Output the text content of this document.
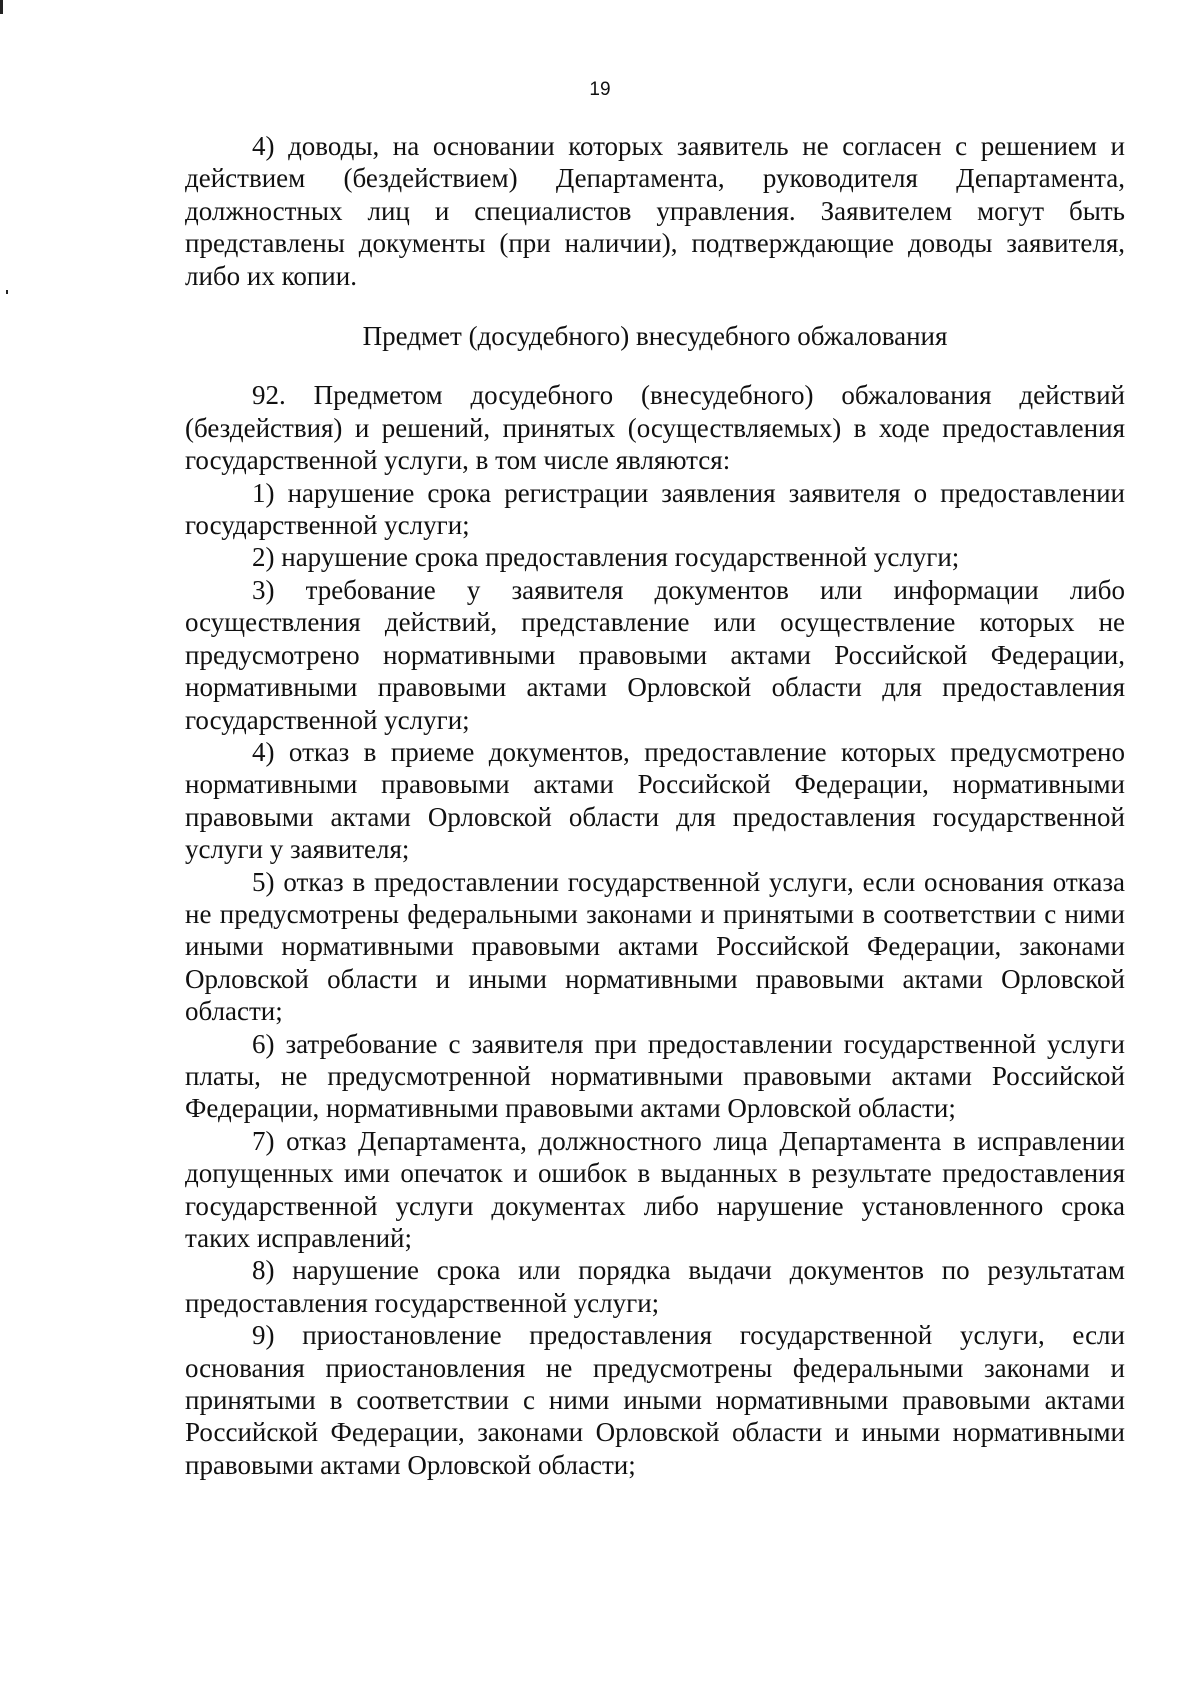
19

4) доводы, на основании которых заявитель не согласен с решением и действием (бездействием) Департамента, руководителя Департамента, должностных лиц и специалистов управления. Заявителем могут быть представлены документы (при наличии), подтверждающие доводы заявителя, либо их копии.

Предмет (досудебного) внесудебного обжалования

92. Предметом досудебного (внесудебного) обжалования действий (бездействия) и решений, принятых (осуществляемых) в ходе предоставления государственной услуги, в том числе являются:

1) нарушение срока регистрации заявления заявителя о предоставлении государственной услуги;

2) нарушение срока предоставления государственной услуги;

3) требование у заявителя документов или информации либо осуществления действий, представление или осуществление которых не предусмотрено нормативными правовыми актами Российской Федерации, нормативными правовыми актами Орловской области для предоставления государственной услуги;

4) отказ в приеме документов, предоставление которых предусмотрено нормативными правовыми актами Российской Федерации, нормативными правовыми актами Орловской области для предоставления государственной услуги у заявителя;

5) отказ в предоставлении государственной услуги, если основания отказа не предусмотрены федеральными законами и принятыми в соответствии с ними иными нормативными правовыми актами Российской Федерации, законами Орловской области и иными нормативными правовыми актами Орловской области;

6) затребование с заявителя при предоставлении государственной услуги платы, не предусмотренной нормативными правовыми актами Российской Федерации, нормативными правовыми актами Орловской области;

7) отказ Департамента, должностного лица Департамента в исправлении допущенных ими опечаток и ошибок в выданных в результате предоставления государственной услуги документах либо нарушение установленного срока таких исправлений;

8) нарушение срока или порядка выдачи документов по результатам предоставления государственной услуги;

9) приостановление предоставления государственной услуги, если основания приостановления не предусмотрены федеральными законами и принятыми в соответствии с ними иными нормативными правовыми актами Российской Федерации, законами Орловской области и иными нормативными правовыми актами Орловской области;
